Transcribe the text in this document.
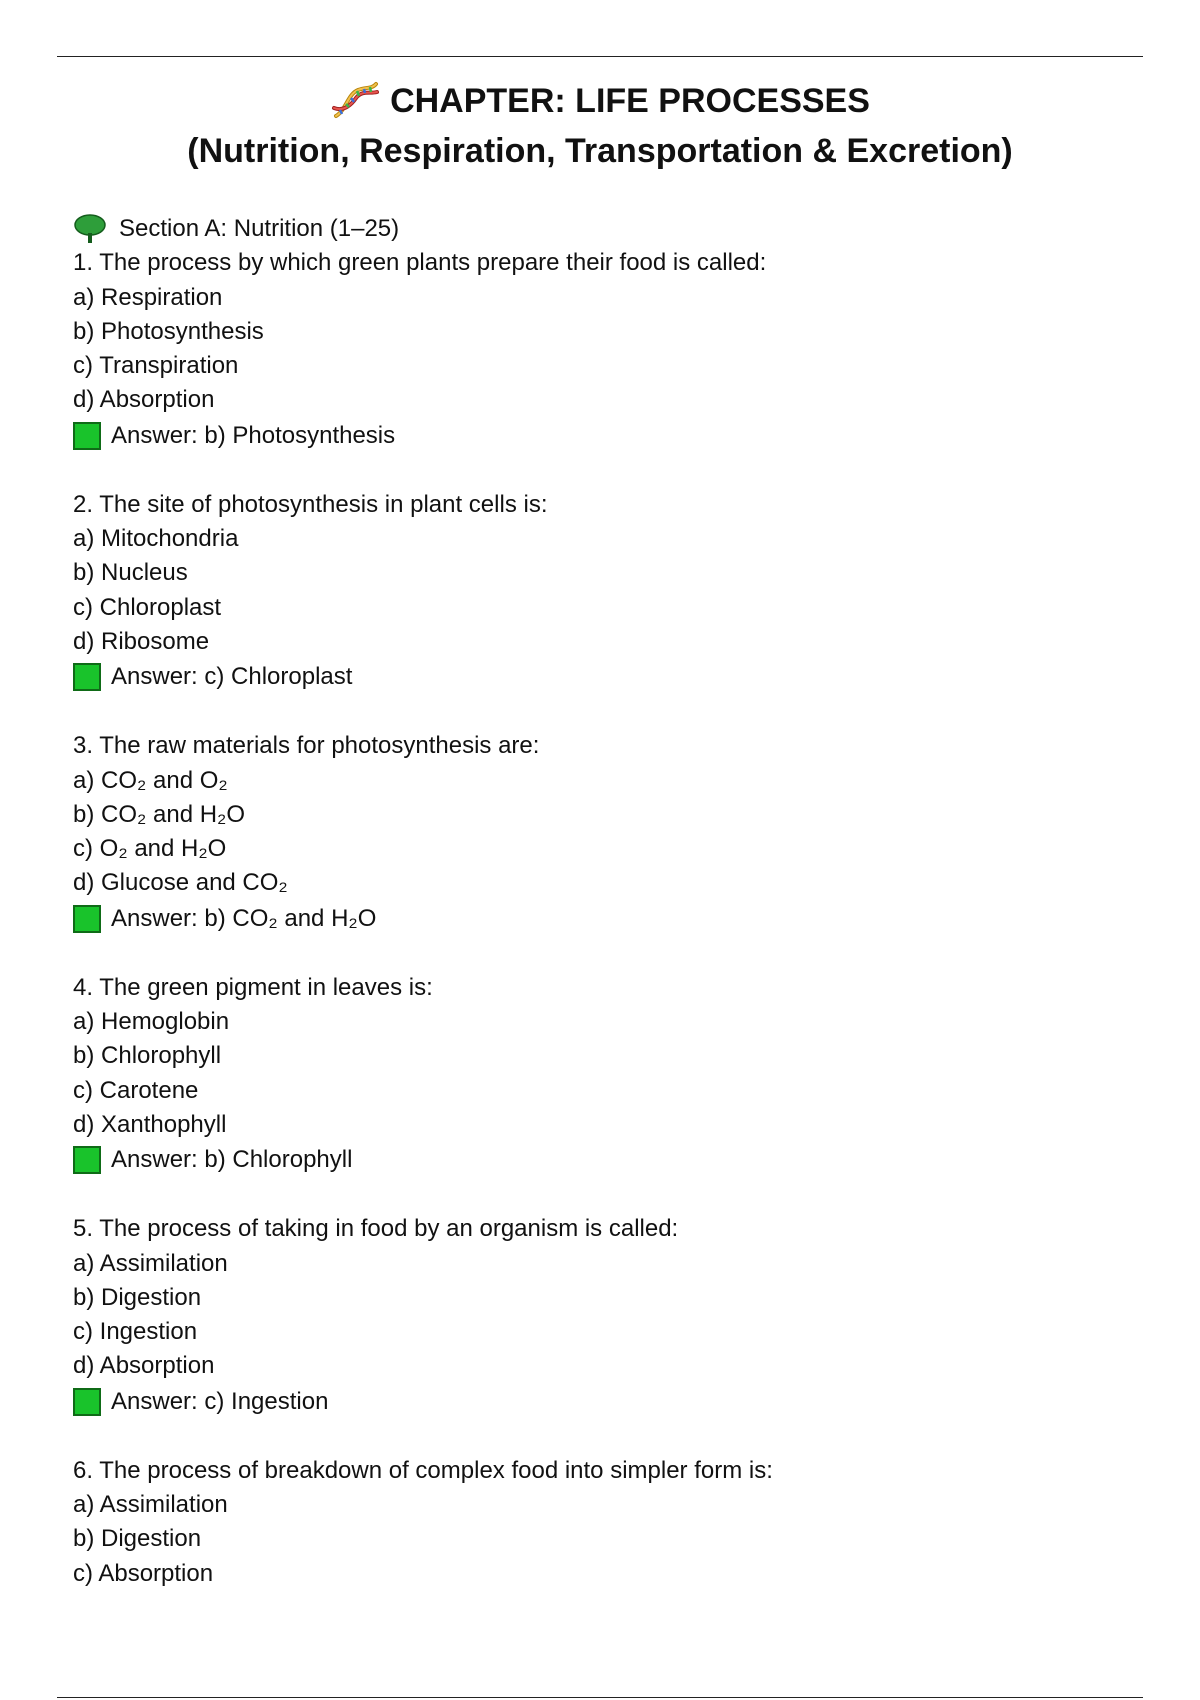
CHAPTER: LIFE PROCESSES
(Nutrition, Respiration, Transportation & Excretion)
Section A: Nutrition (1–25)
1. The process by which green plants prepare their food is called:
a) Respiration
b) Photosynthesis
c) Transpiration
d) Absorption
Answer: b) Photosynthesis
2. The site of photosynthesis in plant cells is:
a) Mitochondria
b) Nucleus
c) Chloroplast
d) Ribosome
Answer: c) Chloroplast
3. The raw materials for photosynthesis are:
a) CO₂ and O₂
b) CO₂ and H₂O
c) O₂ and H₂O
d) Glucose and CO₂
Answer: b) CO₂ and H₂O
4. The green pigment in leaves is:
a) Hemoglobin
b) Chlorophyll
c) Carotene
d) Xanthophyll
Answer: b) Chlorophyll
5. The process of taking in food by an organism is called:
a) Assimilation
b) Digestion
c) Ingestion
d) Absorption
Answer: c) Ingestion
6. The process of breakdown of complex food into simpler form is:
a) Assimilation
b) Digestion
c) Absorption
